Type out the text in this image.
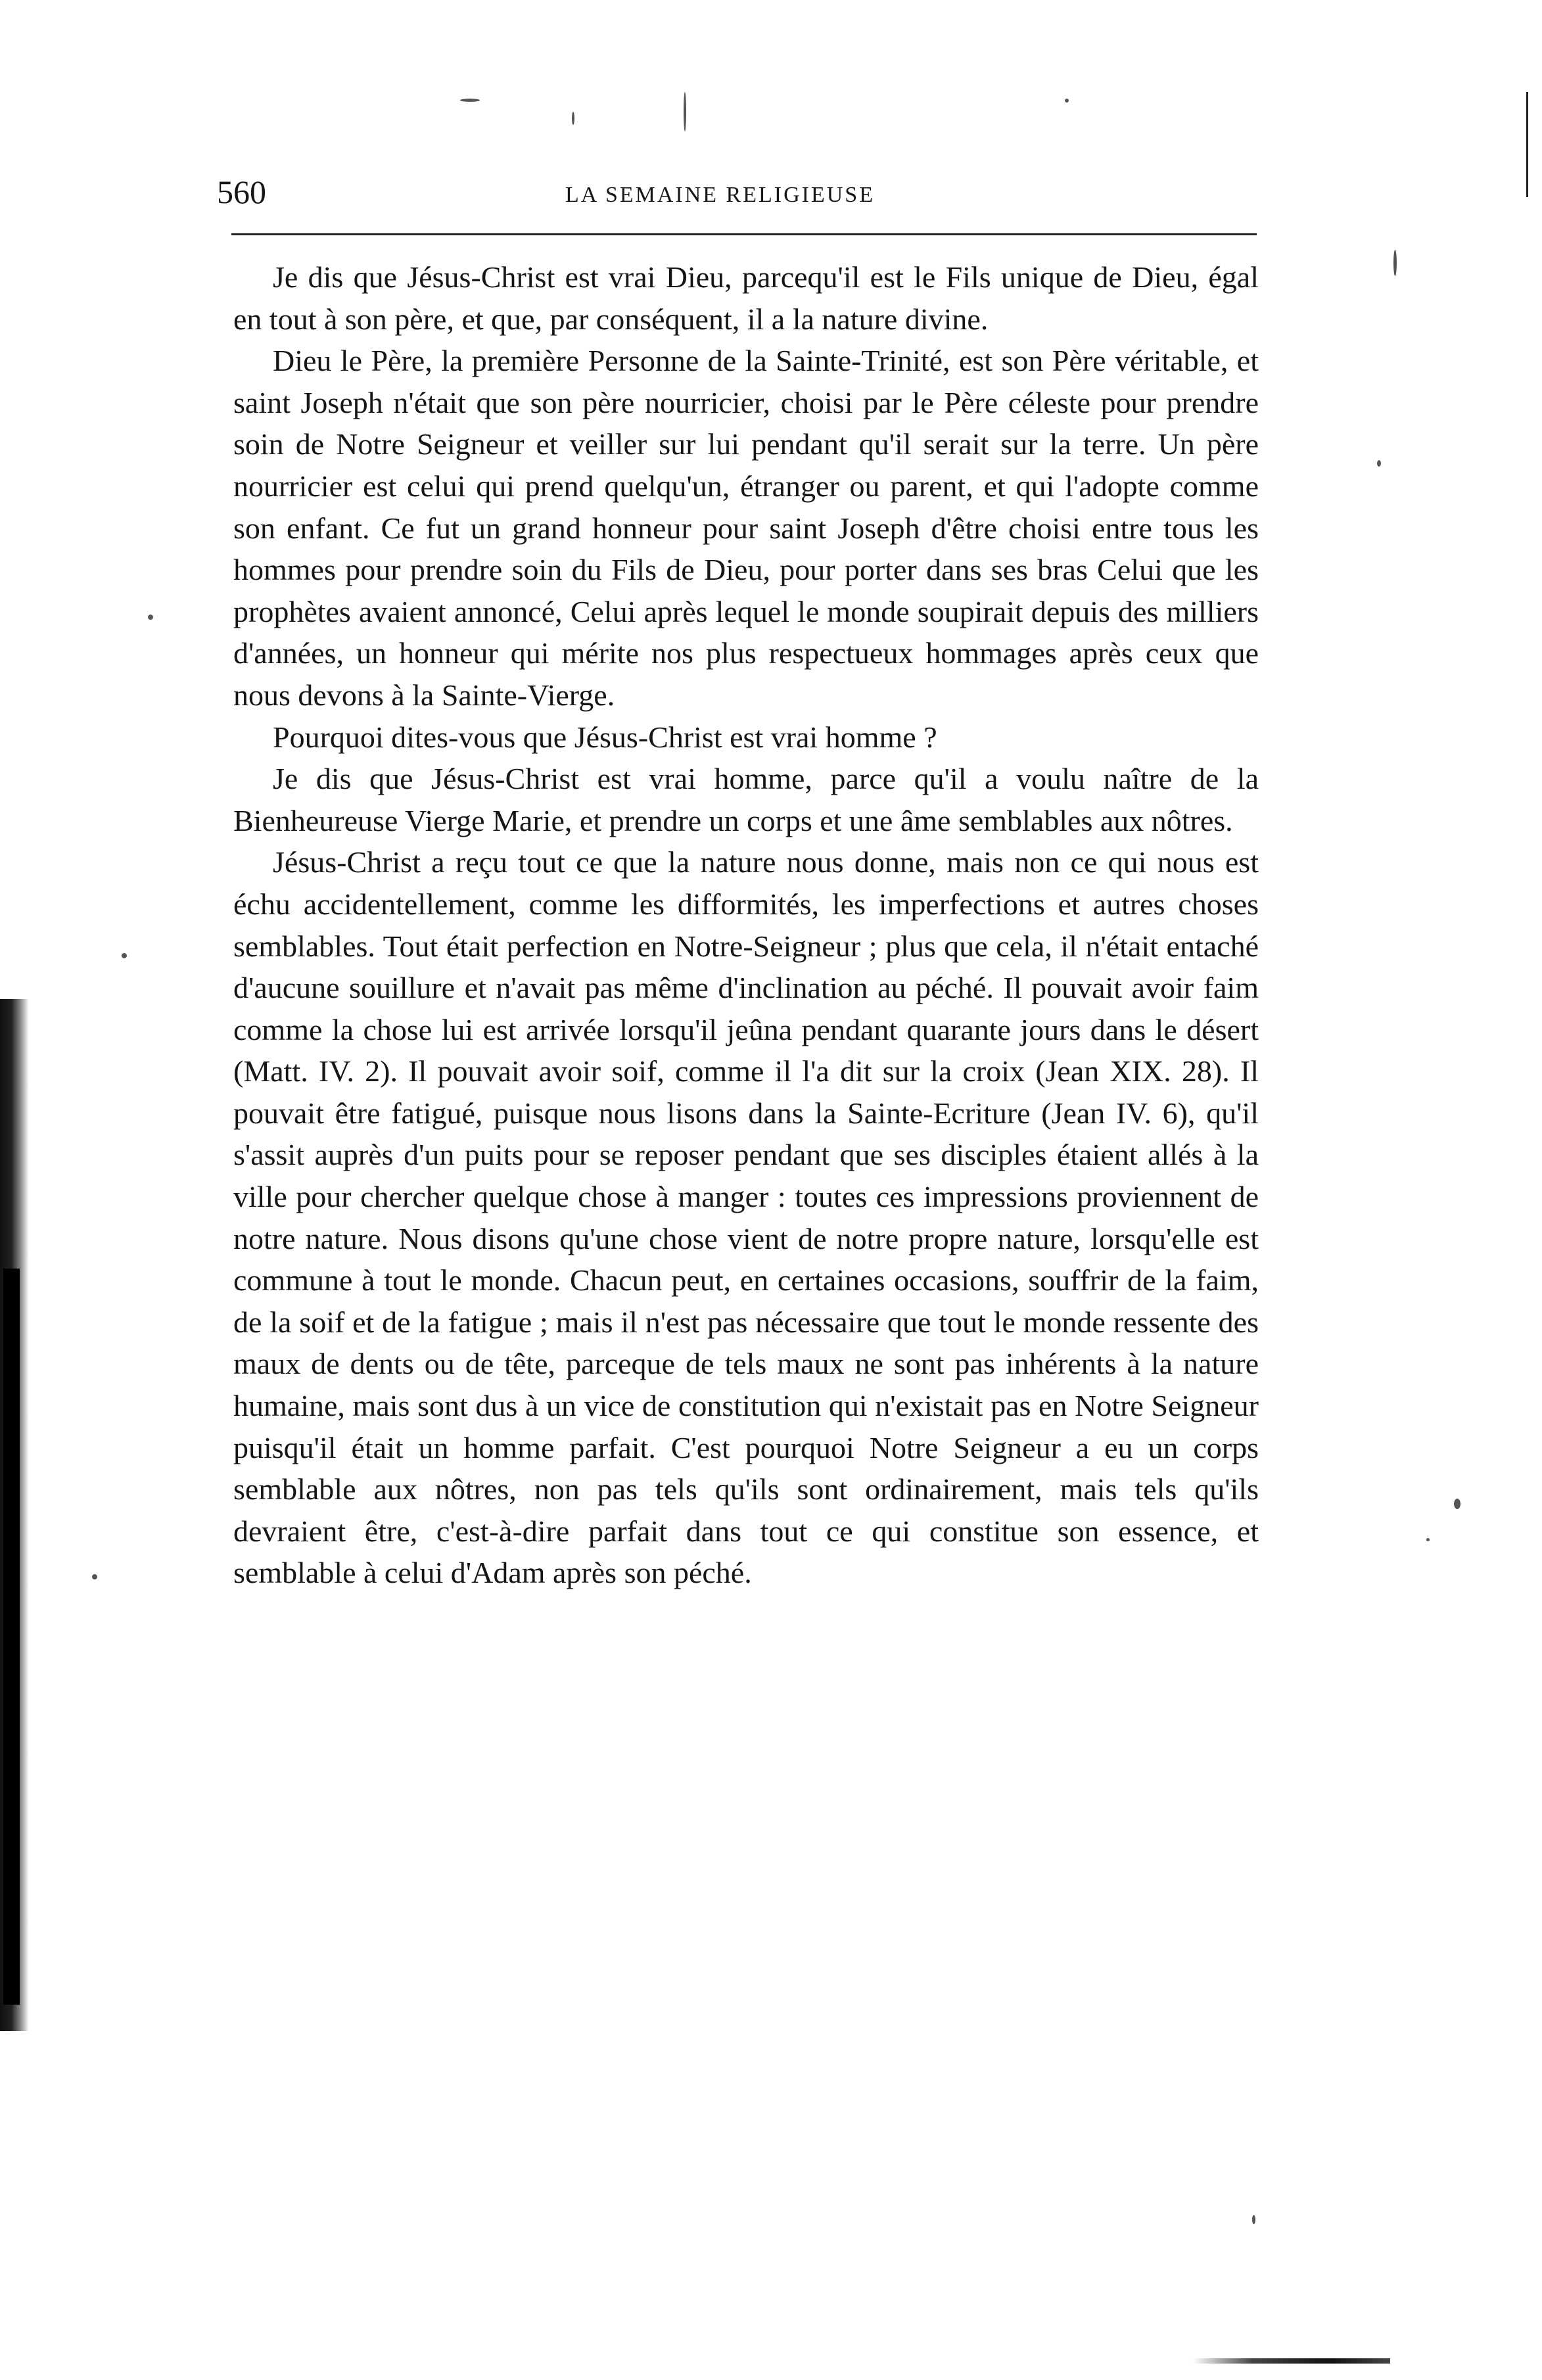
560	LA SEMAINE RELIGIEUSE

Je dis que Jésus-Christ est vrai Dieu, parcequ'il est le Fils unique de Dieu, égal en tout à son père, et que, par conséquent, il a la nature divine.

Dieu le Père, la première Personne de la Sainte-Trinité, est son Père véritable, et saint Joseph n'était que son père nourricier, choisi par le Père céleste pour prendre soin de Notre Seigneur et veiller sur lui pendant qu'il serait sur la terre. Un père nourricier est celui qui prend quelqu'un, étranger ou parent, et qui l'adopte comme son enfant. Ce fut un grand honneur pour saint Joseph d'être choisi entre tous les hommes pour prendre soin du Fils de Dieu, pour porter dans ses bras Celui que les prophètes avaient annoncé, Celui après lequel le monde soupirait depuis des milliers d'années, un honneur qui mérite nos plus respectueux hommages après ceux que nous devons à la Sainte-Vierge.

Pourquoi dites-vous que Jésus-Christ est vrai homme ?

Je dis que Jésus-Christ est vrai homme, parce qu'il a voulu naître de la Bienheureuse Vierge Marie, et prendre un corps et une âme semblables aux nôtres.

Jésus-Christ a reçu tout ce que la nature nous donne, mais non ce qui nous est échu accidentellement, comme les difformités, les imperfections et autres choses semblables. Tout était perfection en Notre-Seigneur ; plus que cela, il n'était entaché d'aucune souillure et n'avait pas même d'inclination au péché. Il pouvait avoir faim comme la chose lui est arrivée lorsqu'il jeûna pendant quarante jours dans le désert (Matt. IV. 2). Il pouvait avoir soif, comme il l'a dit sur la croix (Jean XIX. 28). Il pouvait être fatigué, puisque nous lisons dans la Sainte-Ecriture (Jean IV. 6), qu'il s'assit auprès d'un puits pour se reposer pendant que ses disciples étaient allés à la ville pour chercher quelque chose à manger : toutes ces impressions proviennent de notre nature. Nous disons qu'une chose vient de notre propre nature, lorsqu'elle est commune à tout le monde. Chacun peut, en certaines occasions, souffrir de la faim, de la soif et de la fatigue ; mais il n'est pas nécessaire que tout le monde ressente des maux de dents ou de tête, parceque de tels maux ne sont pas inhérents à la nature humaine, mais sont dus à un vice de constitution qui n'existait pas en Notre Seigneur puisqu'il était un homme parfait. C'est pourquoi Notre Seigneur a eu un corps semblable aux nôtres, non pas tels qu'ils sont ordinairement, mais tels qu'ils devraient être, c'est-à-dire parfait dans tout ce qui constitue son essence, et semblable à celui d'Adam après son péché.
